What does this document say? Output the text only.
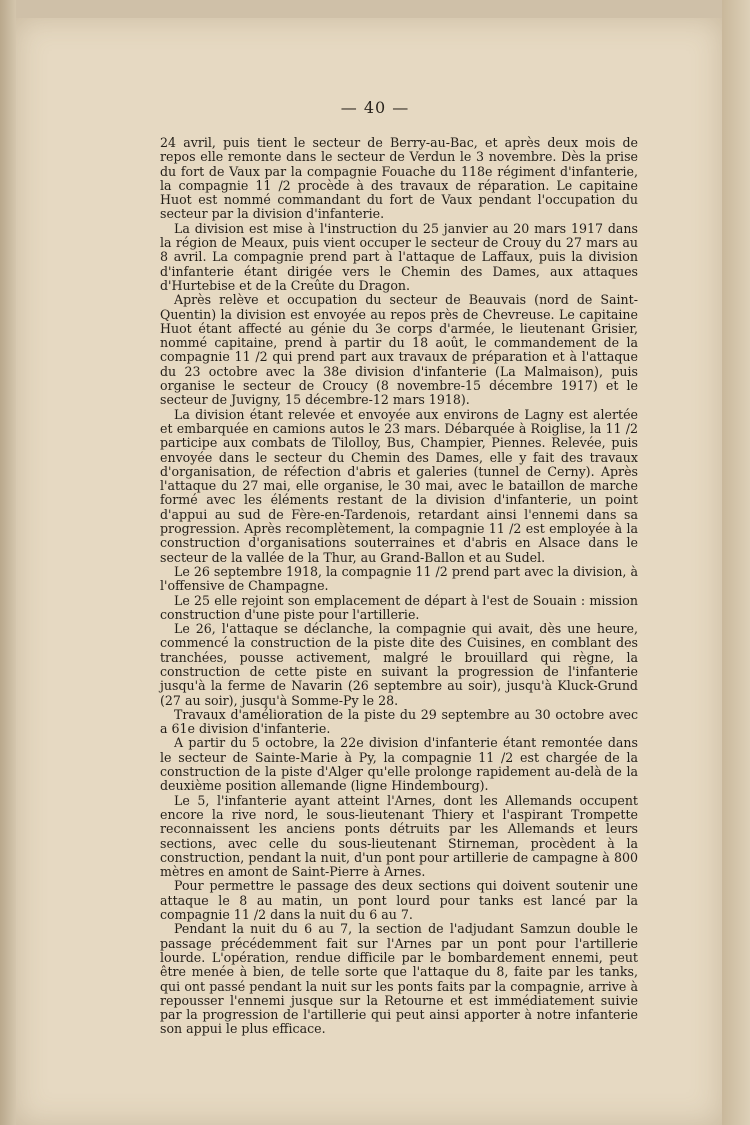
— 40 —

24 avril, puis tient le secteur de Berry-au-Bac, et après deux mois de repos elle remonte dans le secteur de Verdun le 3 novembre. Dès la prise du fort de Vaux par la compagnie Fouache du 118e régiment d'infanterie, la compagnie 11 /2 procède à des travaux de réparation. Le capitaine Huot est nommé commandant du fort de Vaux pendant l'occupation du secteur par la division d'infanterie.

La division est mise à l'instruction du 25 janvier au 20 mars 1917 dans la région de Meaux, puis vient occuper le secteur de Crouy du 27 mars au 8 avril. La compagnie prend part à l'attaque de Laffaux, puis la division d'infanterie étant dirigée vers le Chemin des Dames, aux attaques d'Hurtebise et de la Creûte du Dragon.

Après relève et occupation du secteur de Beauvais (nord de Saint-Quentin) la division est envoyée au repos près de Chevreuse. Le capitaine Huot étant affecté au génie du 3e corps d'armée, le lieutenant Grisier, nommé capitaine, prend à partir du 18 août, le commandement de la compagnie 11 /2 qui prend part aux travaux de préparation et à l'attaque du 23 octobre avec la 38e division d'infanterie (La Malmaison), puis organise le secteur de Croucy (8 novembre-15 décembre 1917) et le secteur de Juvigny, 15 décembre-12 mars 1918).

La division étant relevée et envoyée aux environs de Lagny est alertée et embarquée en camions autos le 23 mars. Débarquée à Roiglise, la 11 /2 participe aux combats de Tilolloy, Bus, Champier, Piennes. Relevée, puis envoyée dans le secteur du Chemin des Dames, elle y fait des travaux d'organisation, de réfection d'abris et galeries (tunnel de Cerny). Après l'attaque du 27 mai, elle organise, le 30 mai, avec le bataillon de marche formé avec les éléments restant de la division d'infanterie, un point d'appui au sud de Fère-en-Tardenois, retardant ainsi l'ennemi dans sa progression. Après recomplètement, la compagnie 11 /2 est employée à la construction d'organisations souterraines et d'abris en Alsace dans le secteur de la vallée de la Thur, au Grand-Ballon et au Sudel.

Le 26 septembre 1918, la compagnie 11 /2 prend part avec la division, à l'offensive de Champagne.

Le 25 elle rejoint son emplacement de départ à l'est de Souain : mission construction d'une piste pour l'artillerie.

Le 26, l'attaque se déclanche, la compagnie qui avait, dès une heure, commencé la construction de la piste dite des Cuisines, en comblant des tranchées, pousse activement, malgré le brouillard qui règne, la construction de cette piste en suivant la progression de l'infanterie jusqu'à la ferme de Navarin (26 septembre au soir), jusqu'à Kluck-Grund (27 au soir), jusqu'à Somme-Py le 28.

Travaux d'amélioration de la piste du 29 septembre au 30 octobre avec a 61e division d'infanterie.

A partir du 5 octobre, la 22e division d'infanterie étant remontée dans le secteur de Sainte-Marie à Py, la compagnie 11 /2 est chargée de la construction de la piste d'Alger qu'elle prolonge rapidement au-delà de la deuxième position allemande (ligne Hindembourg).

Le 5, l'infanterie ayant atteint l'Arnes, dont les Allemands occupent encore la rive nord, le sous-lieutenant Thiery et l'aspirant Trompette reconnaissent les anciens ponts détruits par les Allemands et leurs sections, avec celle du sous-lieutenant Stirneman, procèdent à la construction, pendant la nuit, d'un pont pour artillerie de campagne à 800 mètres en amont de Saint-Pierre à Arnes.

Pour permettre le passage des deux sections qui doivent soutenir une attaque le 8 au matin, un pont lourd pour tanks est lancé par la compagnie 11 /2 dans la nuit du 6 au 7.

Pendant la nuit du 6 au 7, la section de l'adjudant Samzun double le passage précédemment fait sur l'Arnes par un pont pour l'artillerie lourde. L'opération, rendue difficile par le bombardement ennemi, peut être menée à bien, de telle sorte que l'attaque du 8, faite par les tanks, qui ont passé pendant la nuit sur les ponts faits par la compagnie, arrive à repousser l'ennemi jusque sur la Retourne et est immédiatement suivie par la progression de l'artillerie qui peut ainsi apporter à notre infanterie son appui le plus efficace.
